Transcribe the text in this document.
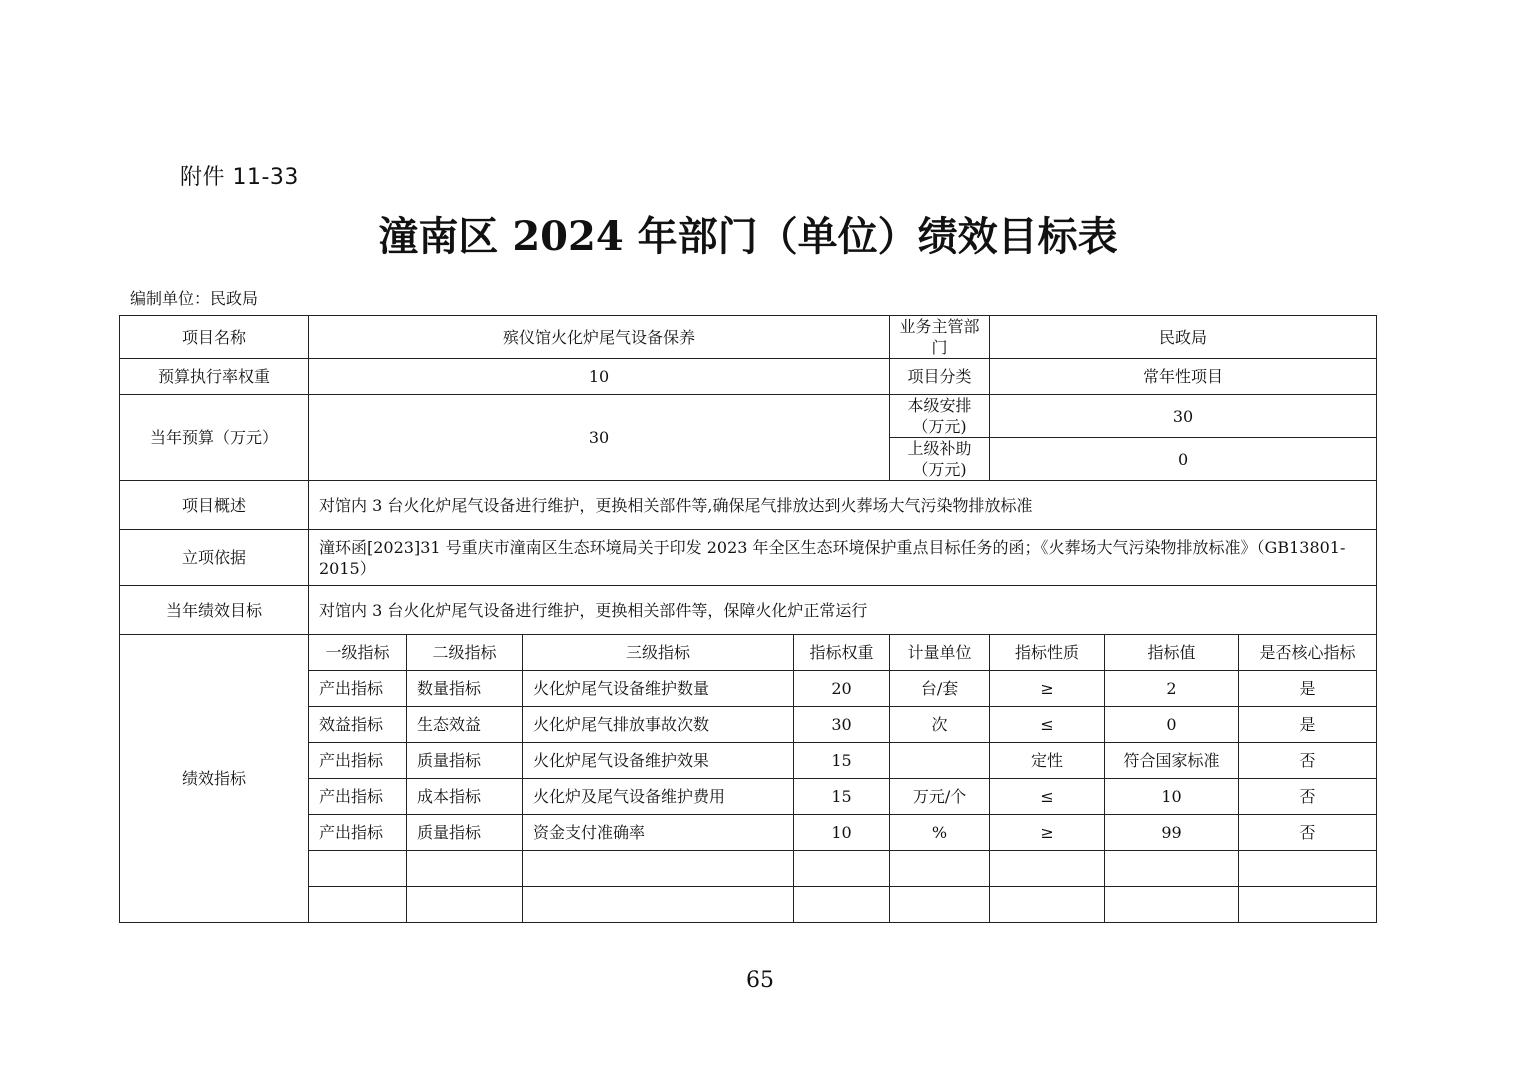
附件 11-33
潼南区 2024 年部门（单位）绩效目标表
编制单位：民政局
项目名称	殡仪馆火化炉尾气设备保养				业务主管部门	民政局		
预算执行率权重	10				项目分类	常年性项目		
当年预算（万元）	30				本级安排（万元)	30		
					上级补助（万元)	0		
项目概述	对馆内 3 台火化炉尾气设备进行维护，更换相关部件等,确保尾气排放达到火葬场大气污染物排放标准							
立项依据	潼环函[2023]31 号重庆市潼南区生态环境局关于印发 2023 年全区生态环境保护重点目标任务的函；《火葬场大气污染物排放标准》（GB13801-2015）							
当年绩效目标	对馆内 3 台火化炉尾气设备进行维护，更换相关部件等，保障火化炉正常运行							
绩效指标	一级指标	二级指标	三级指标	指标权重	计量单位	指标性质	指标值	是否核心指标
	产出指标	数量指标	火化炉尾气设备维护数量	20	台/套	≥	2	是
	效益指标	生态效益	火化炉尾气排放事故次数	30	次	≤	0	是
	产出指标	质量指标	火化炉尾气设备维护效果	15		定性	符合国家标准	否
	产出指标	成本指标	火化炉及尾气设备维护费用	15	万元/个	≤	10	否
	产出指标	质量指标	资金支付准确率	10	%	≥	99	否

65
